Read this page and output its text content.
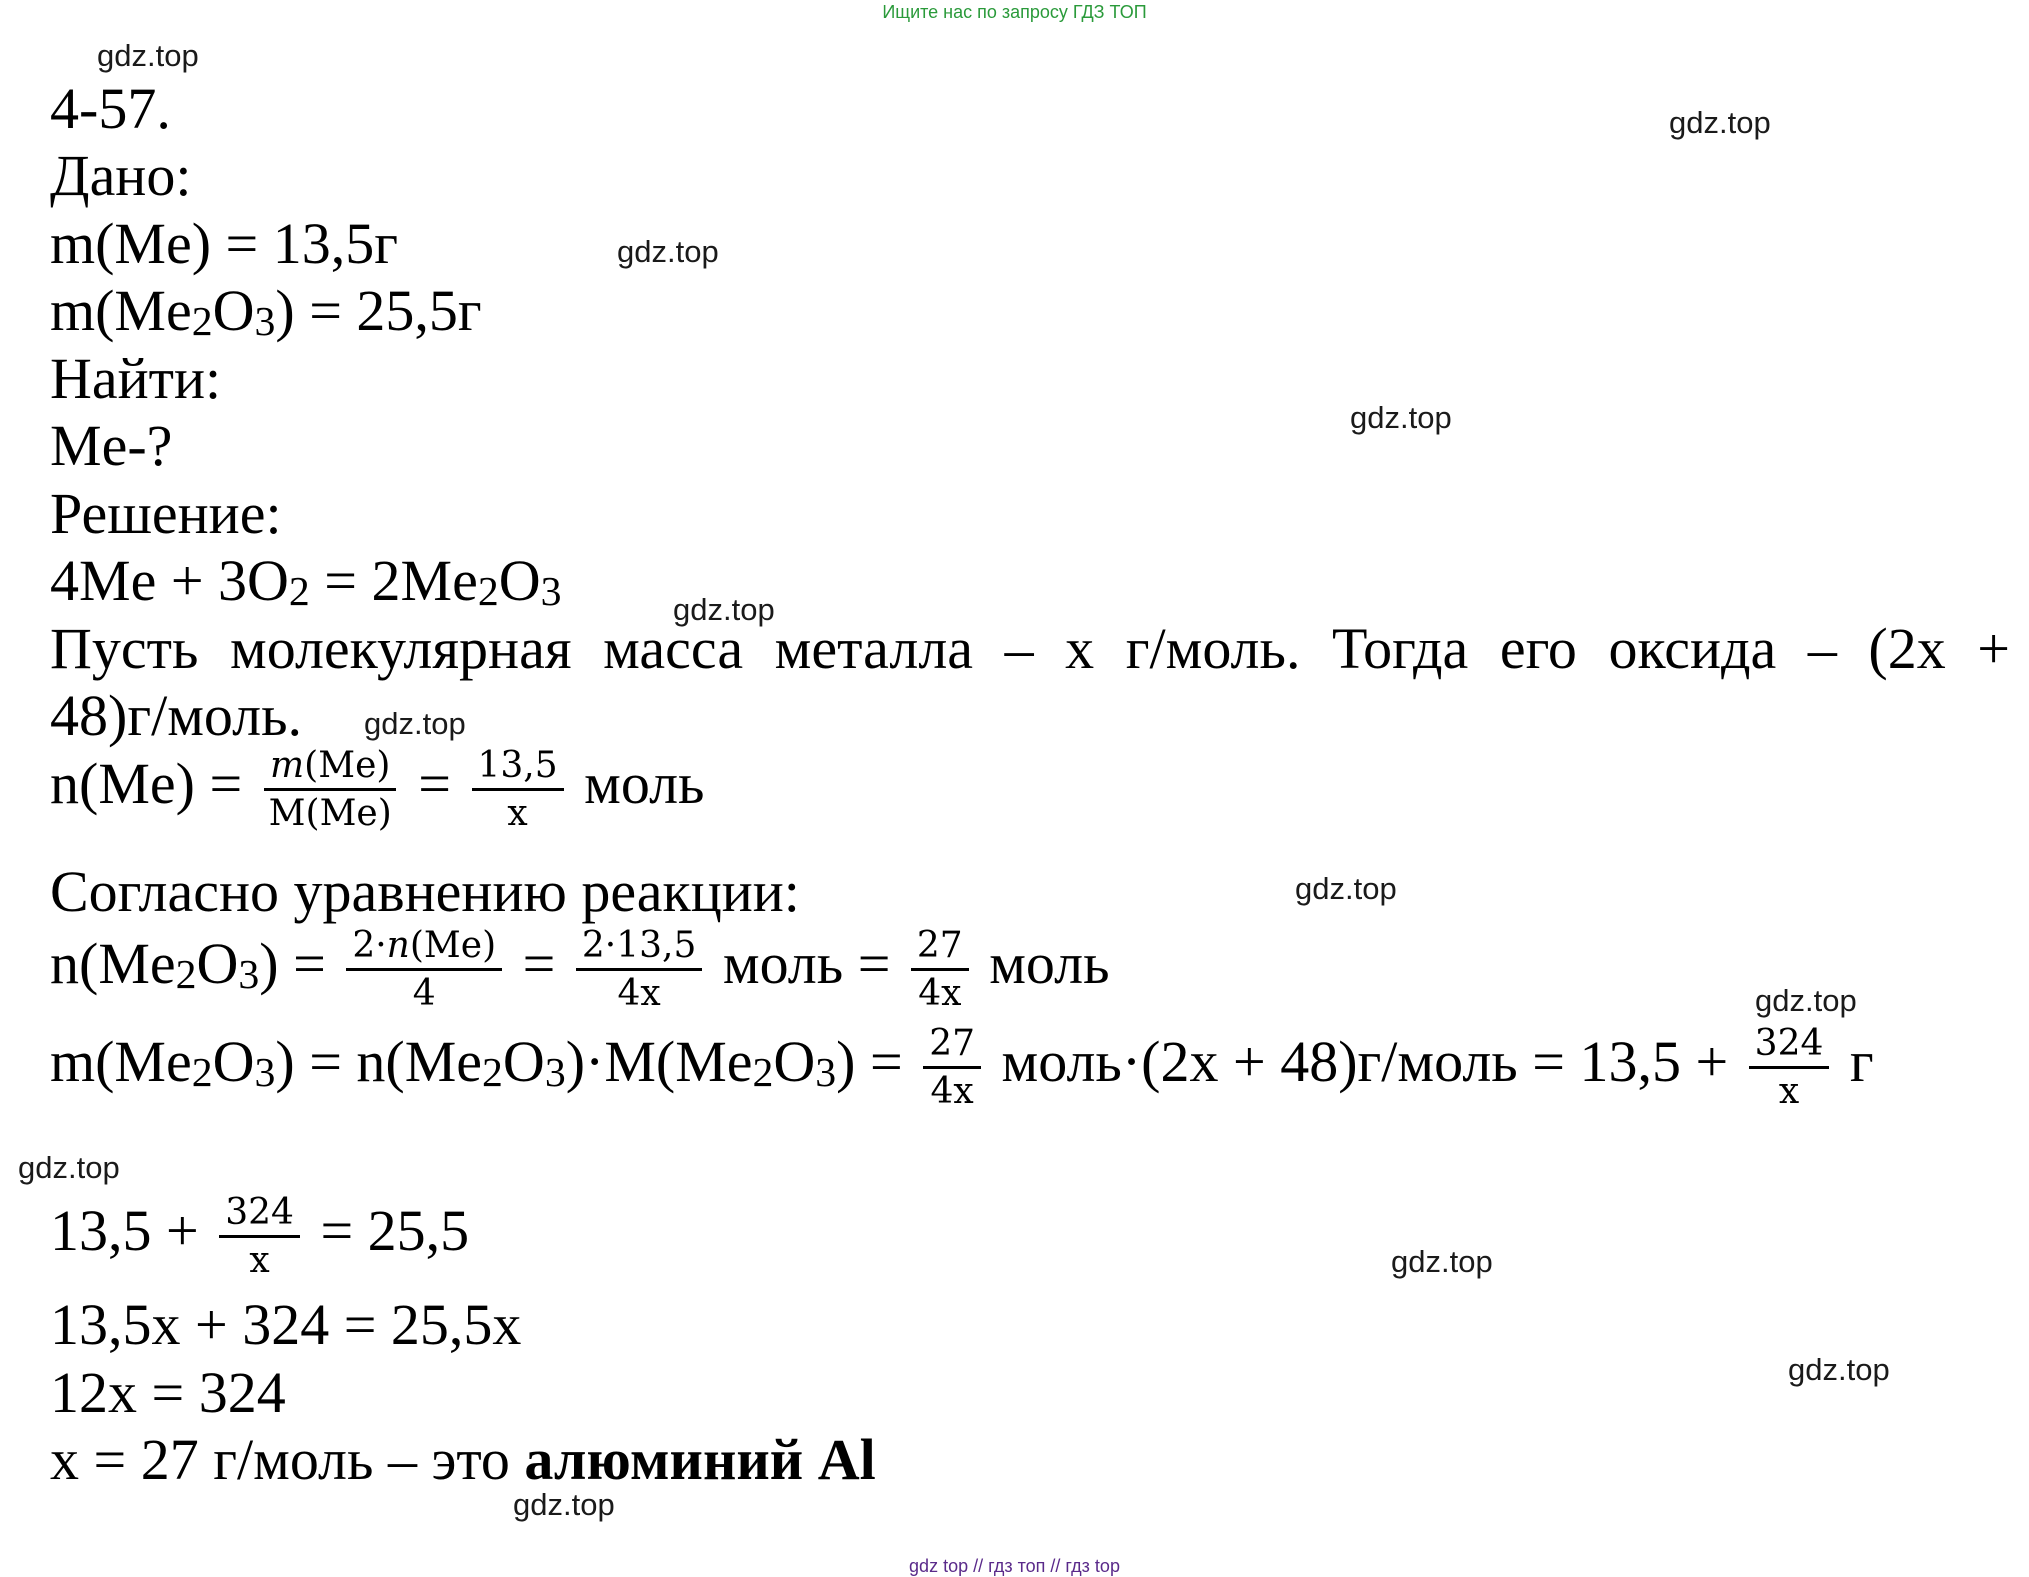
Ищите нас по запросу ГДЗ ТОП
gdz.top
gdz.top
gdz.top
gdz.top
gdz.top
gdz.top
gdz.top
gdz.top
gdz.top
gdz.top
gdz.top
gdz.top
4-57.
Дано:
m(Me) = 13,5г
$m(Me_2O_3) = 25,5г$
Найти:
Me-?
Решение:
$4Me + 3O_2 = 2Me_2O_3$
Пусть молекулярная масса металла – х г/моль. Тогда его оксида – (2х +
48)г/моль.
$n(Me) = \frac{m(Me)}{M(Me)} = \frac{13,5}{x}$ моль
Согласно уравнению реакции:
$n(Me_2O_3) = \frac{2\cdot n(Me)}{4} = \frac{2\cdot 13,5}{4x}$ моль = $\frac{27}{4x}$ моль
$m(Me_2O_3) = n(Me_2O_3)\cdot M(Me_2O_3) = \frac{27}{4x}$ моль·(2х + 48)г/моль = $13,5 + \frac{324}{x}$ г
$13,5 + \frac{324}{x} = 25,5$
13,5х + 324 = 25,5х
12х = 324
х = 27 г/моль – это алюминий Al
gdz top // гдз топ // гдз top
